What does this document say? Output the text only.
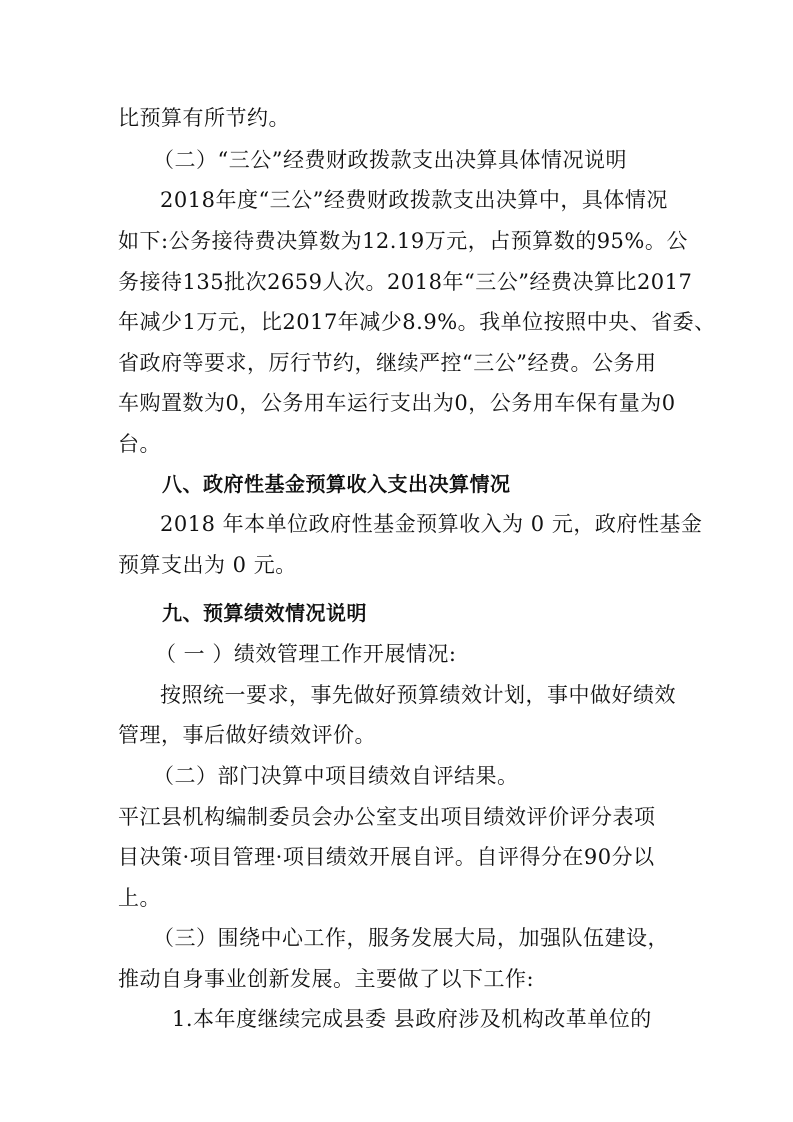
比预算有所节约。
（二）“三公”经费财政拨款支出决算具体情况说明
2018年度“三公”经费财政拨款支出决算中，具体情况
如下:公务接待费决算数为12.19万元，占预算数的95%。公
务接待135批次2659人次。2018年“三公”经费决算比2017
年减少1万元，比2017年减少8.9%。我单位按照中央、省委、
省政府等要求，厉行节约，继续严控“三公”经费。公务用
车购置数为0，公务用车运行支出为0，公务用车保有量为0
台。
八、政府性基金预算收入支出决算情况
2018 年本单位政府性基金预算收入为 0 元，政府性基金
预算支出为 0 元。
九、预算绩效情况说明
（ 一 ）绩效管理工作开展情况:
按照统一要求，事先做好预算绩效计划，事中做好绩效
管理，事后做好绩效评价。
（二）部门决算中项目绩效自评结果。
平江县机构编制委员会办公室支出项目绩效评价评分表项
目决策·项目管理·项目绩效开展自评。自评得分在90分以
上。
（三）围绕中心工作，服务发展大局，加强队伍建设，
推动自身事业创新发展。主要做了以下工作:
1.本年度继续完成县委 县政府涉及机构改革单位的
